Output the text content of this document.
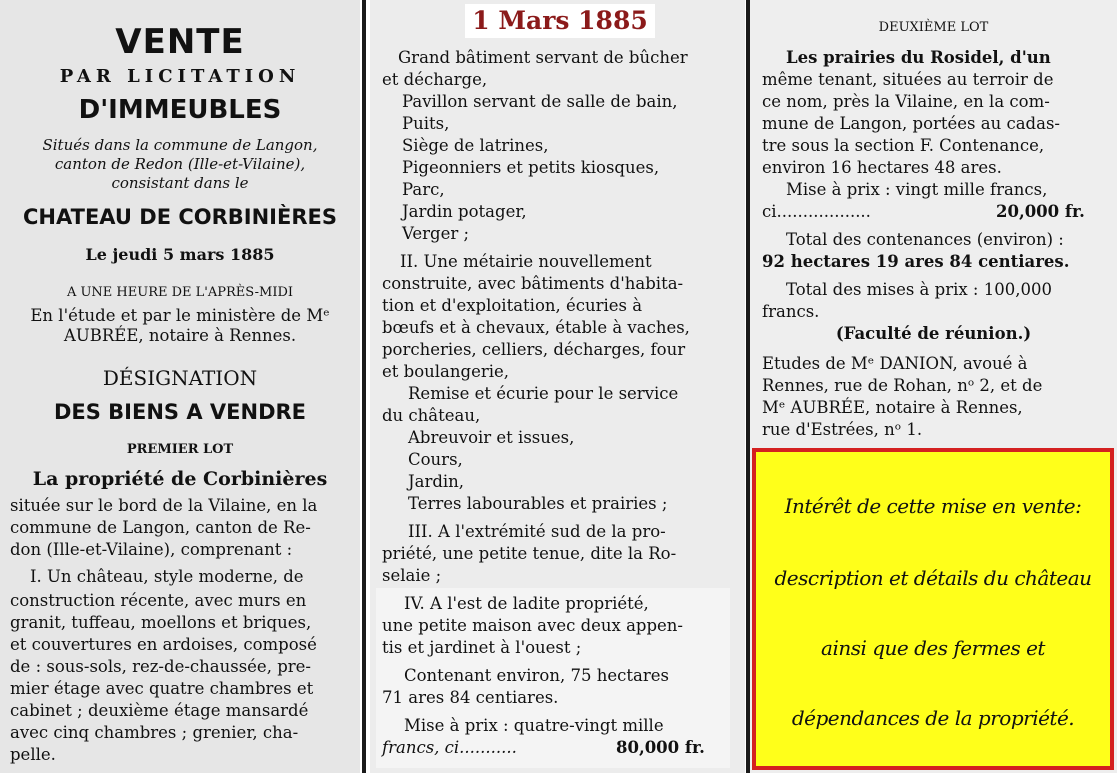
VENTE
PAR LICITATION
D'IMMEUBLES
Situés dans la commune de Langon,
canton de Redon (Ille-et-Vilaine),
consistant dans le
CHATEAU DE CORBINIÈRES
Le jeudi 5 mars 1885
A UNE HEURE DE L'APRÈS-MIDI
En l'étude et par le ministère de Mᵉ
AUBRÉE, notaire à Rennes.
DÉSIGNATION
DES BIENS A VENDRE
PREMIER LOT
La propriété de Corbinières
située sur le bord de la Vilaine, en la
commune de Langon, canton de Re-
don (Ille-et-Vilaine), comprenant :
I. Un château, style moderne, de
construction récente, avec murs en
granit, tuffeau, moellons et briques,
et couvertures en ardoises, composé
de : sous-sols, rez-de-chaussée, pre-
mier étage avec quatre chambres et
cabinet ; deuxième étage mansardé
avec cinq chambres ; grenier, cha-
pelle.
Grand bâtiment servant de bûcher
et décharge,
Pavillon servant de salle de bain,
Puits,
Siège de latrines,
Pigeonniers et petits kiosques,
Parc,
Jardin potager,
Verger ;
II. Une métairie nouvellement
construite, avec bâtiments d'habita-
tion et d'exploitation, écuries à
bœufs et à chevaux, étable à vaches,
porcheries, celliers, décharges, four
et boulangerie,
Remise et écurie pour le service
du château,
Abreuvoir et issues,
Cours,
Jardin,
Terres labourables et prairies ;
III. A l'extrémité sud de la pro-
priété, une petite tenue, dite la Ro-
selaie ;
IV. A l'est de ladite propriété,
une petite maison avec deux appen-
tis et jardinet à l'ouest ;
Contenant environ, 75 hectares
71 ares 84 centiares.
Mise à prix : quatre-vingt mille
francs, ci...........	80,000 fr.
DEUXIÈME LOT
Les prairies du Rosidel, d'un
même tenant, situées au terroir de
ce nom, près la Vilaine, en la com-
mune de Langon, portées au cadas-
tre sous la section F. Contenance,
environ 16 hectares 48 ares.
Mise à prix : vingt mille francs,
ci..................	20,000 fr.
Total des contenances (environ) :
92 hectares 19 ares 84 centiares.
Total des mises à prix : 100,000
francs.
(Faculté de réunion.)
Etudes de Mᵉ DANION, avoué à
Rennes, rue de Rohan, nᵒ 2, et de
Mᵉ AUBRÉE, notaire à Rennes,
rue d'Estrées, nᵒ 1.
Intérêt de cette mise en vente:
description et détails du château
ainsi que des fermes et
dépendances de la propriété.
1 Mars 1885
